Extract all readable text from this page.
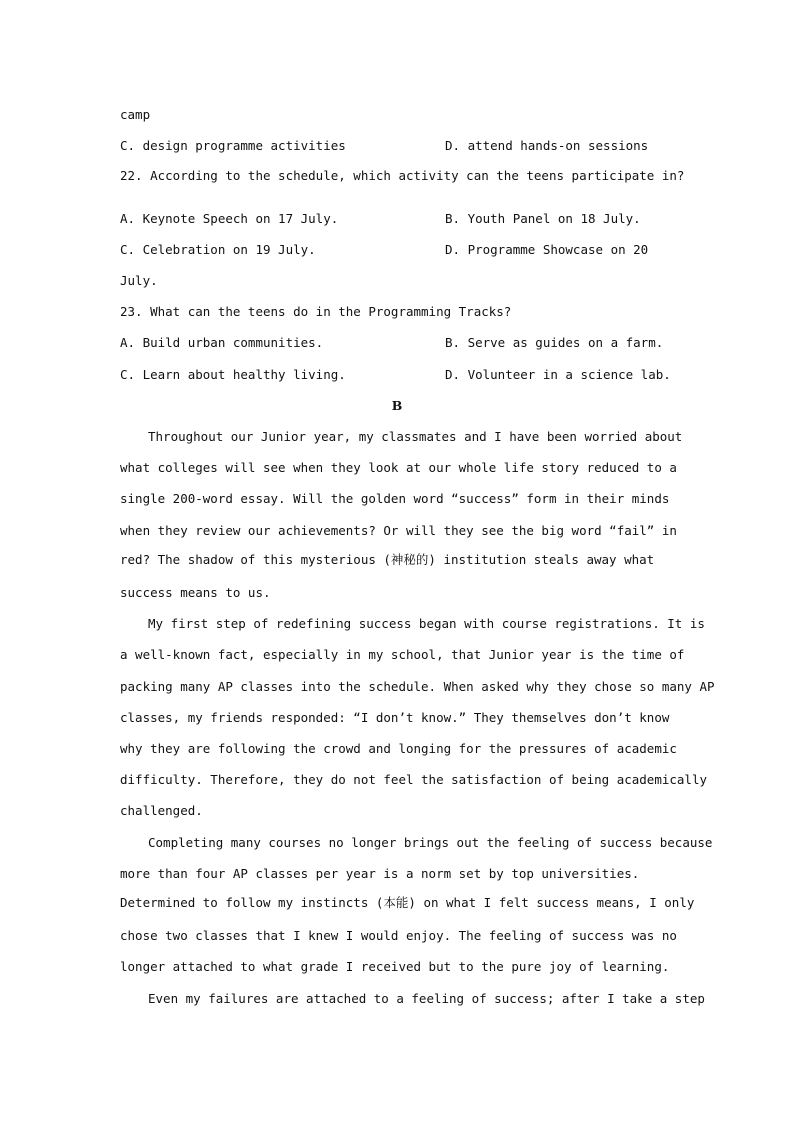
camp
C. design programme activities	D. attend hands-on sessions
22. According to the schedule‚ which activity can the teens participate in?
A. Keynote Speech on 17 July.	B. Youth Panel on 18 July.
C. Celebration on 19 July.	D. Programme Showcase on 20
July.
23. What can the teens do in the Programming Tracks?
A. Build urban communities.	B. Serve as guides on a farm.
C. Learn about healthy living.	D. Volunteer in a science lab.
B
Throughout our Junior year, my classmates and I have been worried about
what colleges will see when they look at our whole life story reduced to a
single 200-word essay. Will the golden word “success” form in their minds
when they review our achievements? Or will they see the big word “fail” in
red? The shadow of this mysterious (神秘的) institution steals away what
success means to us.
My first step of redefining success began with course registrations. It is
a well-known fact, especially in my school, that Junior year is the time of
packing many AP classes into the schedule. When asked why they chose so many AP
classes, my friends responded: “I don’t know.” They themselves don’t know
why they are following the crowd and longing for the pressures of academic
difficulty. Therefore, they do not feel the satisfaction of being academically
challenged.
Completing many courses no longer brings out the feeling of success because
more than four AP classes per year is a norm set by top universities.
Determined to follow my instincts (本能) on what I felt success means, I only
chose two classes that I knew I would enjoy. The feeling of success was no
longer attached to what grade I received but to the pure joy of learning.
Even my failures are attached to a feeling of success; after I take a step
